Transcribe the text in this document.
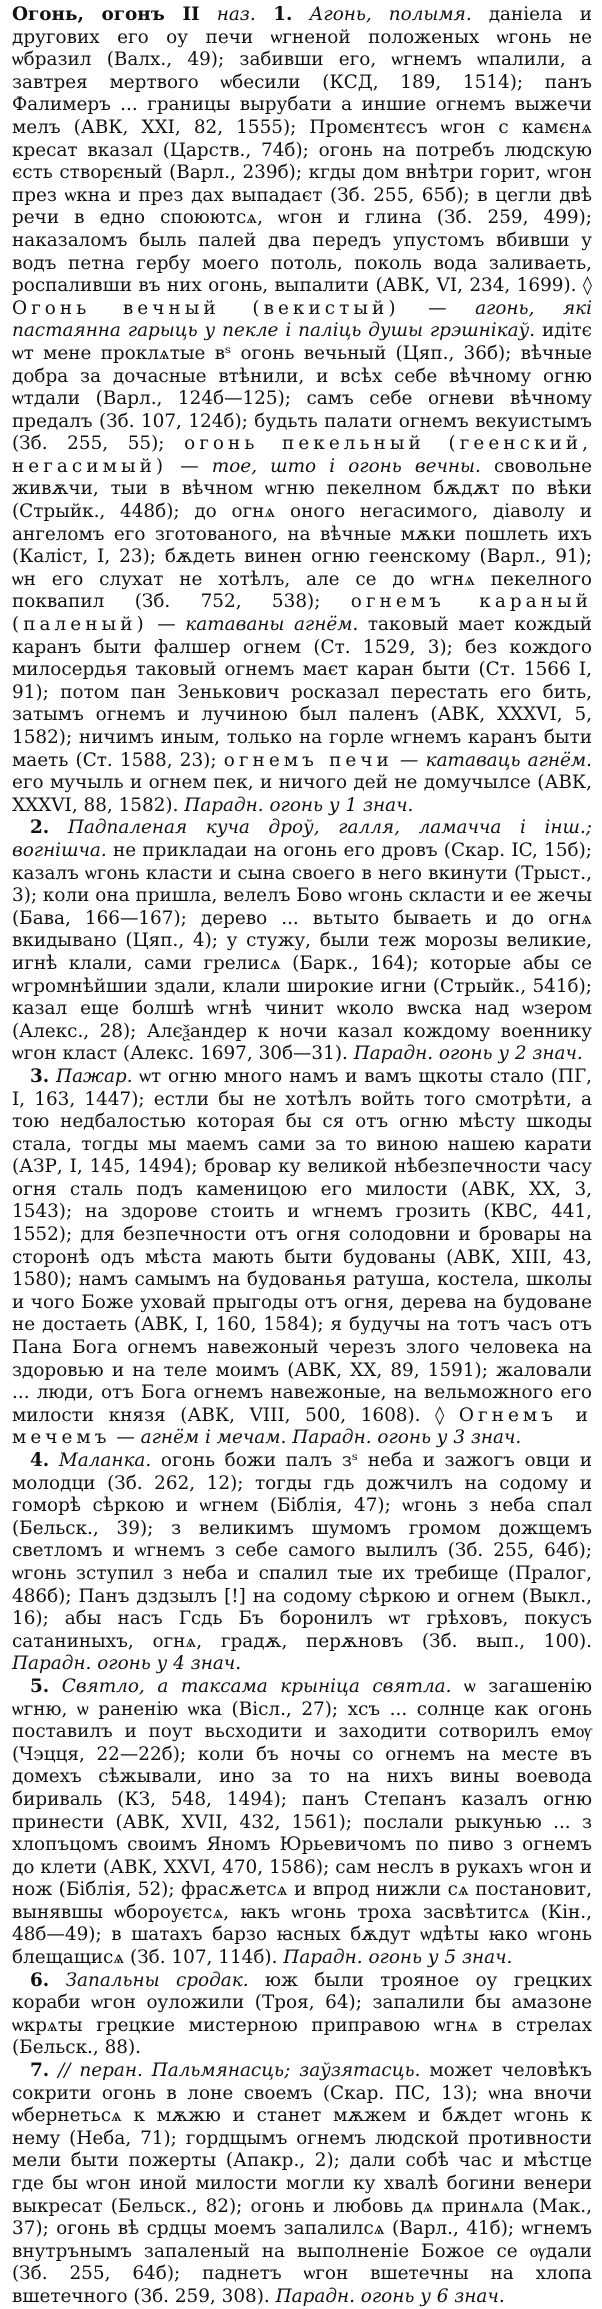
Огонь, огонъ II наз. 1. Агонь, полымя. даніела и другових его оу печи ѡгненой положеных ѡгонь не ѡбразил (Валх., 49); забивши его, ѡгнемъ ѡпалили, а завтрея мертвого ѡбесили (КСД, 189, 1514); панъ Фалимеръ ... границы вырубати а иншие огнемъ выжечи мелъ (АВК, XXI, 82, 1555); Промєнтєсъ ѡгон с камєнѧ кресат вказал (Царств., 74б); огонь на потребъ людскую єсть створєный (Варл., 239б); кгды дом внѣтри горит, ѡгон през ѡкна и през дах выпадаєт (Зб. 255, 65б); в цегли двѣ речи в едно споюютсѧ, ѡгон и глина (Зб. 259, 499); наказаломъ быль палей два передъ упустомъ вбивши у водъ петна гербу моего потоль, поколь вода заливаеть, роспаливши въ них огонь, выпалити (АВК, VI, 234, 1699). ◊ Огонь вечный (векистый) — агонь, які пастаянна гарыць у пекле і паліць душы грэшнікаў. идітє ѡт мене проклѧтые вˢ огонь вечьный (Цяп., 36б); вѣчные добра за дочасные втѣнили, и всѣх себе вѣчному огню ѡтдали (Варл., 124б—125); самъ себе огневи вѣчному предалъ (Зб. 107, 124б); будьть палати огнемъ векуистымъ (Зб. 255, 55); огонь пекельный (геенский, негасимый) — тое, што і огонь вечны. свовольне живѫчи, тыи в вѣчном ѡгню пекелном бѫдѫт по вѣки (Стрыйк., 448б); до огнѧ оного негасимого, діаволу и ангеломъ его зготованого, на вѣчные мѫки пошлеть ихъ (Каліст, I, 23); бѫдеть винен огню геенскому (Варл., 91); ѡн его слухат не хотѣлъ, але се до ѡгнѧ пекелного поквапил (Зб. 752, 538); огнемъ караный (паленый) — катаваны агнём. таковый мает кождый каранъ быти фалшер огнем (Ст. 1529, 3); без кождого милосердья таковый огнемъ маєт каран быти (Ст. 1566 I, 91); потом пан Зенькович росказал перестать его бить, затымъ огнемъ и лучиною был паленъ (АВК, XXXVI, 5, 1582); ничимъ иным, только на горле ѡгнемъ каранъ быти маеть (Ст. 1588, 23); огнемъ печи — катаваць агнём. его мучыль и огнем пек, и ничого дей не домучылсе (АВК, XXXVI, 88, 1582). Парадн. огонь у 1 знач.
2. Падпаленая куча дроў, галля, ламачча і інш.; вогнішча. не прикладаи на огонь его дровъ (Скар. IC, 15б); казалъ ѡгонь класти и сына своего в него вкинути (Трыст., 3); коли она пришла, велелъ Бово ѡгонь скласти и ее жечы (Бава, 166—167); дерево ... вьтыто бываеть и до огнѧ вкидывано (Цяп., 4); у стужу, были теж морозы великие, игнѣ клали, сами грелисѧ (Барк., 164); которые абы се ѡгромнѣйшии здали, клали широкие игни (Стрыйк., 541б); казал еще болшѣ ѡгнѣ чинит ѡколо вѡска над ѡзером (Алекс., 28); Алєѯандер к ночи казал кождому военнику ѡгон класт (Алекс. 1697, 30б—31). Парадн. огонь у 2 знач.
3. Пажар. ѡт огню много намъ и вамъ щкоты стало (ПГ, I, 163, 1447); естли бы не хотѣлъ войть того смотрѣти, а тою недбалостью которая бы ся отъ огню мѣсту шкоды стала, тогды мы маемъ сами за то виною нашею карати (АЗР, I, 145, 1494); бровар ку великой нѣбезпечности часу огня сталь подъ каменицою его милости (АВК, XX, 3, 1543); на здорове стоить и ѡгнемъ грозить (КВС, 441, 1552); для безпечности отъ огня солодовни и бровары на сторонѣ одъ мѣста мають быти будованы (АВК, XIII, 43, 1580); намъ самымъ на будованья ратуша, костела, школы и чого Боже уховай прыгоды отъ огня, дерева на будоване не достаеть (АВК, I, 160, 1584); я будучы на тотъ часъ отъ Пана Бога огнемъ навежоный черезъ злого человека на здоровью и на теле моимъ (АВК, XX, 89, 1591); жаловали ... люди, отъ Бога огнемъ навежоные, на вельможного его милости князя (АВК, VIII, 500, 1608). ◊ Огнемъ и мечемъ — агнём і мечам. Парадн. огонь у 3 знач.
4. Маланка. огонь божи палъ зˢ неба и зажогъ овци и молодци (Зб. 262, 12); тогды гдь дожчилъ на содому и гоморѣ сѣркою и ѡгнем (Біблія, 47); ѡгонь з неба спал (Бельск., 39); з великимъ шумомъ громом дожщемъ светломъ и ѡгнемъ з себе самого вылилъ (Зб. 255, 64б); ѡгонь зступил з неба и спалил тые их требище (Пралог, 486б); Панъ дздзылъ [!] на содому сѣркою и огнем (Выкл., 16); абы насъ Гсдь Бъ боронилъ ѡт грѣховъ, покусъ сатаниныхъ, огнѧ, градѫ, перѫновъ (Зб. вып., 100). Парадн. огонь у 4 знач.
5. Святло, а таксама крыніца святла. ѡ загашенію ѡгню, ѡ раненію ѡка (Вісл., 27); хсъ ... солнце как огонь поставилъ и поут вьсходити и заходити сотворилъ емѹ (Чэцця, 22—22б); коли бъ ночы со огнемъ на месте въ домехъ сѣжывали, ино за то на нихъ вины воевода бириваль (КЗ, 548, 1494); панъ Степанъ казалъ огню принести (АВК, XVII, 432, 1561); послали рыкунью ... з хлопъцомъ своимъ Яномъ Юрьевичомъ по пиво з огнемъ до клети (АВК, XXVI, 470, 1586); сам неслъ в рукахъ ѡгон и нож (Біблія, 52); фрасѫетсѧ и впрод нижли сѧ постановит, вынявшы ѡбороуєтсѧ, ꙗкъ ѡгонь троха засвѣтитсѧ (Кін., 48б—49); в шатахъ барзо ꙗсных бѫдут ѡдѣты ꙗко ѡгонь блещащисѧ (Зб. 107, 114б). Парадн. огонь у 5 знач.
6. Запальны сродак. юж были трояное оу грецких кораби ѡгон оуложили (Троя, 64); запалили бы амазоне ѡкрѧты грецкие мистерною приправою ѡгнѧ в стрелах (Бельск., 88).
7. // перан. Пальмянасць; заўзятасць. может человѣкъ сокрити огонь в лоне своемъ (Скар. ПС, 13); ѡна вночи ѡбернетьсѧ к мѫжю и станет мѫжем и бѫдет ѡгонь к нему (Неба, 71); гордщымъ огнемъ людской противности мели быти пожерты (Апакр., 2); дали собѣ час и мѣстце где бы ѡгон иной милости могли ку хвалѣ богини венери выкресат (Бельск., 82); огонь и любовь дѧ принѧла (Мак., 37); огонь вѣ срдцы моемъ запалилсѧ (Варл., 41б); ѡгнемъ внутрънымъ запаленый на выполненіе Божое се ѹдали (Зб. 255, 64б); паднетъ ѡгон вшетечны на хлопа вшетечного (Зб. 259, 308). Парадн. огонь у 6 знач.
